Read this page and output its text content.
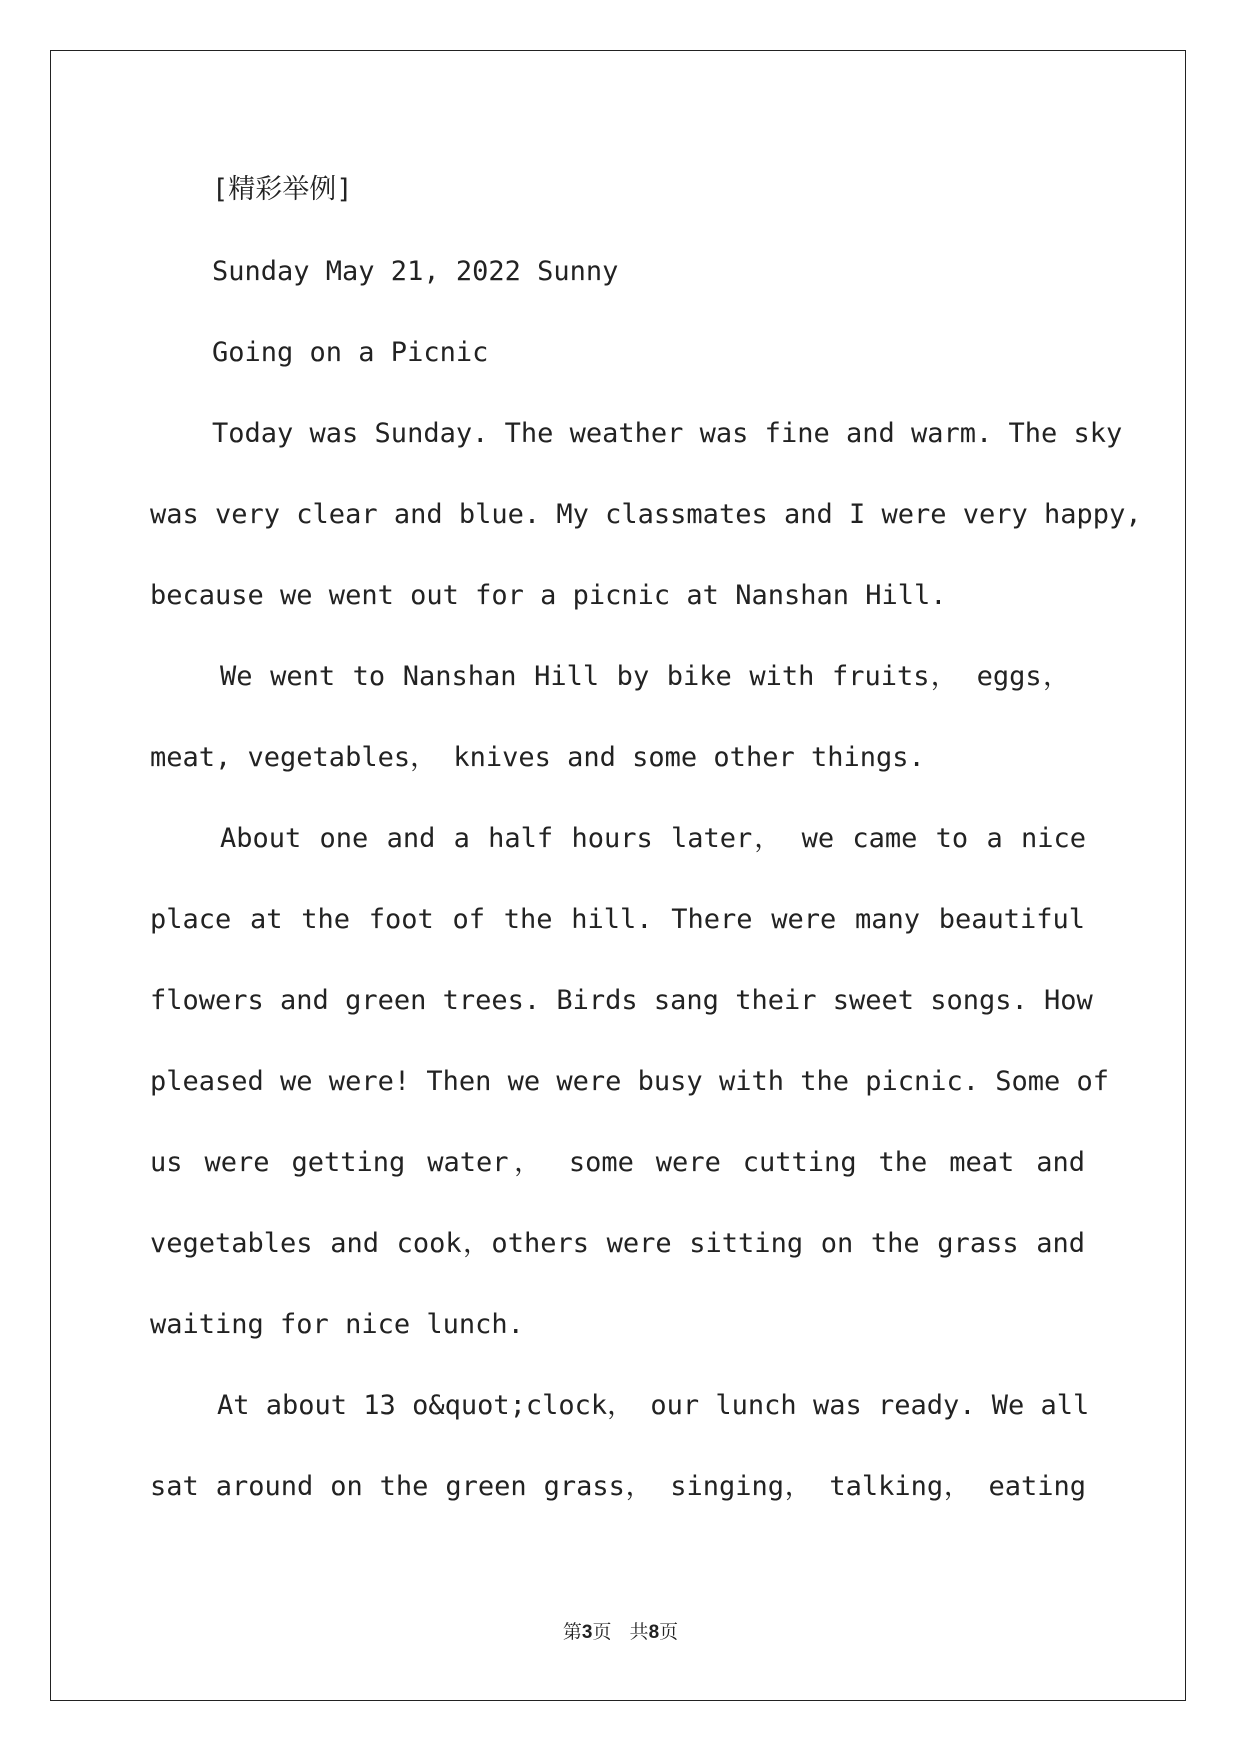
[精彩举例]

Sunday May 21, 2022 Sunny

Going on a Picnic

Today was Sunday. The weather was fine and warm. The sky

was very clear and blue. My classmates and I were very happy,

because we went out for a picnic at Nanshan Hill.

We went to Nanshan Hill by bike with fruits， eggs，

meat, vegetables， knives and some other things.

About one and a half hours later， we came to a nice

place at the foot of the hill. There were many beautiful

flowers and green trees. Birds sang their sweet songs. How

pleased we were! Then we were busy with the picnic. Some of

us were getting water， some were cutting the meat and

vegetables and cook，others were sitting on the grass and

waiting for nice lunch.

At about 13 o&quot;clock， our lunch was ready. We all

sat around on the green grass， singing， talking， eating

第3页   共8页
